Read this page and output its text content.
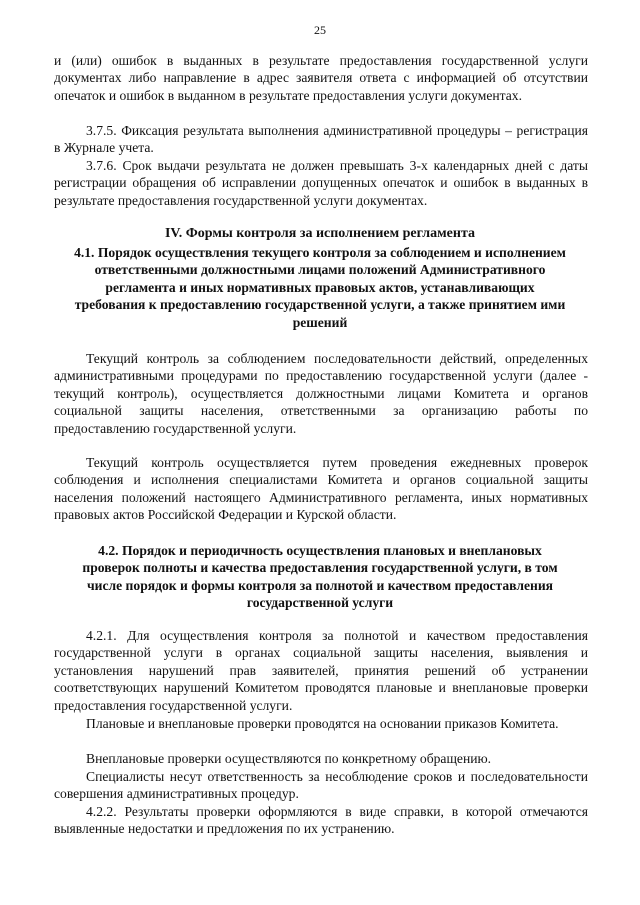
25

и (или) ошибок в выданных в результате предоставления государственной услуги документах либо направление в адрес заявителя ответа с информацией об отсутствии опечаток и ошибок в выданном в результате предоставления услуги документах.

3.7.5. Фиксация результата выполнения административной процедуры – регистрация в Журнале учета.

3.7.6. Срок выдачи результата не должен превышать 3-х календарных дней с даты регистрации обращения об исправлении допущенных опечаток и ошибок в выданных в результате предоставления государственной услуги документах.

IV. Формы контроля за исполнением регламента
4.1. Порядок осуществления текущего контроля за соблюдением и исполнением ответственными должностными лицами положений Административного регламента и иных нормативных правовых актов, устанавливающих требования к предоставлению государственной услуги, а также принятием ими решений

Текущий контроль за соблюдением последовательности действий, определенных административными процедурами по предоставлению государственной услуги (далее - текущий контроль), осуществляется должностными лицами Комитета и органов социальной защиты населения, ответственными за организацию работы по предоставлению государственной услуги.

Текущий контроль осуществляется путем проведения ежедневных проверок соблюдения и исполнения специалистами Комитета и органов социальной защиты населения положений настоящего Административного регламента, иных нормативных правовых актов Российской Федерации и Курской области.

4.2. Порядок и периодичность осуществления плановых и внеплановых проверок полноты и качества предоставления государственной услуги, в том числе порядок и формы контроля за полнотой и качеством предоставления государственной услуги

4.2.1. Для осуществления контроля за полнотой и качеством предоставления государственной услуги в органах социальной защиты населения, выявления и установления нарушений прав заявителей, принятия решений об устранении соответствующих нарушений Комитетом проводятся плановые и внеплановые проверки предоставления государственной услуги.

Плановые и внеплановые проверки проводятся на основании приказов Комитета.

Внеплановые проверки осуществляются по конкретному обращению.

Специалисты несут ответственность за несоблюдение сроков и последовательности совершения административных процедур.

4.2.2. Результаты проверки оформляются в виде справки, в которой отмечаются выявленные недостатки и предложения по их устранению.
